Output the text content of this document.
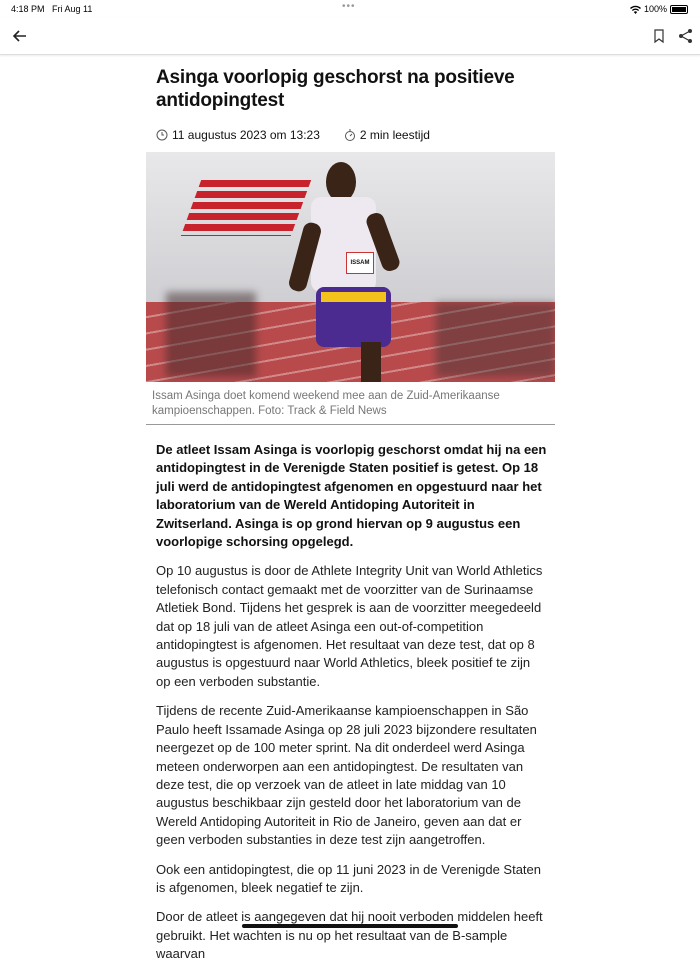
4:18 PM Fri Aug 11	•••	100%
Asinga voorlopig geschorst na positieve antidopingtest
11 augustus 2023 om 13:23	2 min leestijd
ISSAM
Issam Asinga doet komend weekend mee aan de Zuid-Amerikaanse kampioenschappen. Foto: Track & Field News

De atleet Issam Asinga is voorlopig geschorst omdat hij na een antidopingtest in de Verenigde Staten positief is getest. Op 18 juli werd de antidopingtest afgenomen en opgestuurd naar het laboratorium van de Wereld Antidoping Autoriteit in Zwitserland. Asinga is op grond hiervan op 9 augustus een voorlopige schorsing opgelegd.

Op 10 augustus is door de Athlete Integrity Unit van World Athletics telefonisch contact gemaakt met de voorzitter van de Surinaamse Atletiek Bond. Tijdens het gesprek is aan de voorzitter meegedeeld dat op 18 juli van de atleet Asinga een out-of-competition antidopingtest is afgenomen. Het resultaat van deze test, dat op 8 augustus is opgestuurd naar World Athletics, bleek positief te zijn op een verboden substantie.

Tijdens de recente Zuid-Amerikaanse kampioenschappen in São Paulo heeft Issamade Asinga op 28 juli 2023 bijzondere resultaten neergezet op de 100 meter sprint. Na dit onderdeel werd Asinga meteen onderworpen aan een antidopingtest. De resultaten van deze test, die op verzoek van de atleet in late middag van 10 augustus beschikbaar zijn gesteld door het laboratorium van de Wereld Antidoping Autoriteit in Rio de Janeiro, geven aan dat er geen verboden substanties in deze test zijn aangetroffen.

Ook een antidopingtest, die op 11 juni 2023 in de Verenigde Staten is afgenomen, bleek negatief te zijn.

Door de atleet is aangegeven dat hij nooit verboden middelen heeft gebruikt. Het wachten is nu op het resultaat van de B-sample waarvan
